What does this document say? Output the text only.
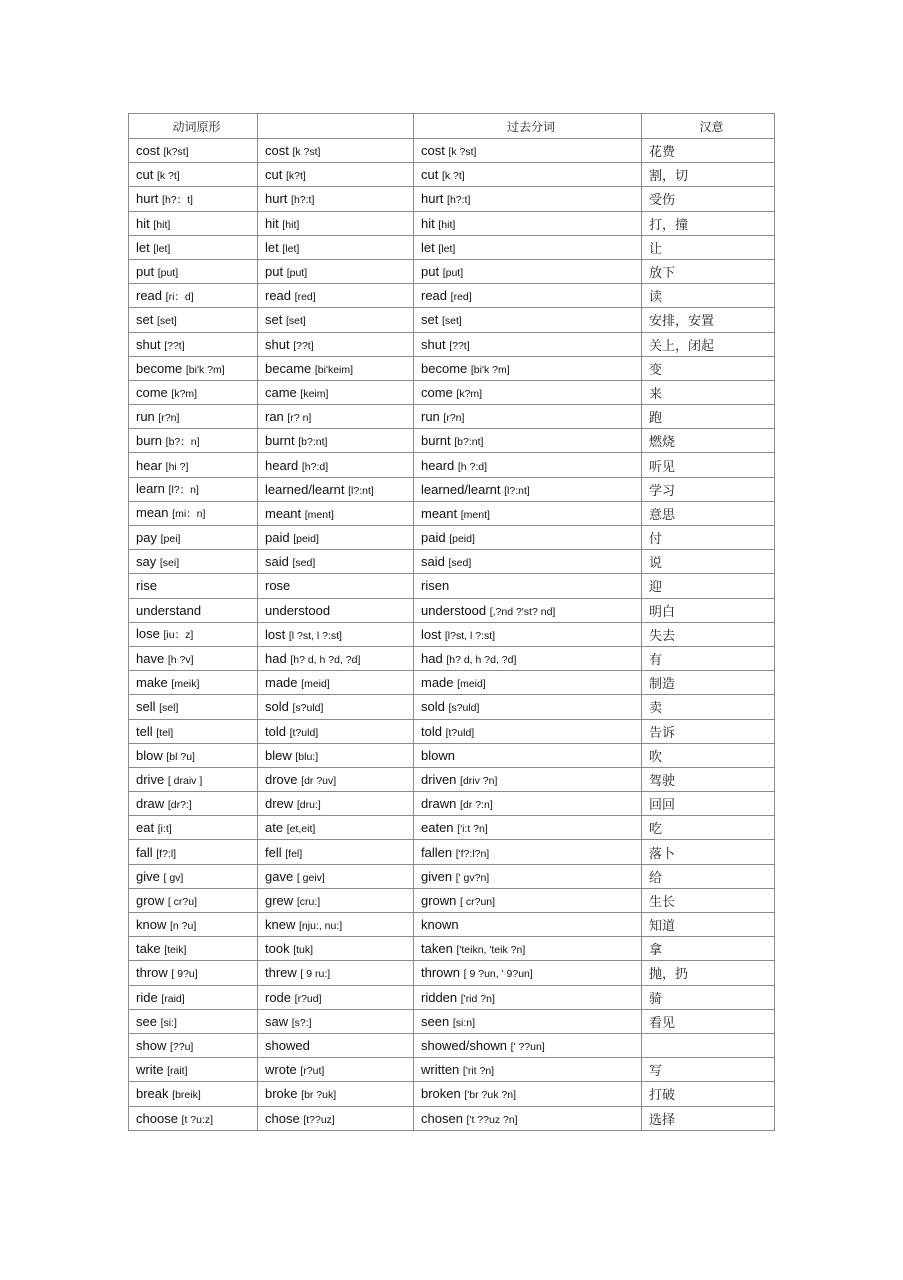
动词原形		过去分词	汉意
cost [k?st]	cost [k ?st]	cost [k ?st]	花费
cut [k ?t]	cut [k?t]	cut [k ?t]	割，切
hurt [h?：t]	hurt [h?:t]	hurt [h?:t]	受伤
hit [hit]	hit [hit]	hit [hit]	打，撞
let [let]	let [let]	let [let]	让
put [put]	put [put]	put [put]	放下
read [ri：d]	read [red]	read [red]	读
set [set]	set [set]	set [set]	安排，安置
shut [??t]	shut [??t]	shut [??t]	关上，闭起
become [bi'k ?m]	became [bi'keim]	become [bi'k ?m]	变
come [k?m]	came [keim]	come [k?m]	来
run [r?n]	ran [r? n]	run [r?n]	跑
burn [b?：n]	burnt [b?:nt]	burnt [b?:nt]	燃烧
hear [hi ?]	heard [h?:d]	heard [h ?:d]	听见
learn [l?：n]	learned/learnt [l?:nt]	learned/learnt [l?:nt]	学习
mean [mi：n]	meant [ment]	meant [ment]	意思
pay [pei]	paid [peid]	paid [peid]	付
say [sei]	said [sed]	said [sed]	说
rise	rose	risen	迎
understand	understood	understood [,?nd ?'st? nd]	明白
lose [iu：z]	lost [l ?st, l ?:st]	lost [l?st, l ?:st]	失去
have [h ?v]	had [h? d, h ?d, ?d]	had [h? d, h ?d, ?d]	有
make [meik]	made [meid]	made [meid]	制造
sell [sel]	sold [s?uld]	sold [s?uld]	卖
tell [tel]	told [t?uld]	told [t?uld]	告诉
blow [bl ?u]	blew [blu:]	blown	吹
drive [ draiv ]	drove [dr ?uv]	driven [driv ?n]	驾驶
draw [dr?:]	drew [dru:]	drawn [dr ?:n]	回回
eat [i:t]	ate [et,eit]	eaten ['i:t ?n]	吃
fall [f?:l]	fell [fel]	fallen ['f?:l?n]	落卜
give [ gv]	gave [ geiv]	given [' gv?n]	给
grow [ cr?u]	grew [cru:]	grown [ cr?un]	生长
know [n ?u]	knew [nju:, nu:]	known	知道
take [teik]	took [tuk]	taken ['teikn, 'teik ?n]	拿
throw [ 9?u]	threw [ 9 ru:]	thrown [ 9 ?un, ' 9?un]	抛，扔
ride [raid]	rode [r?ud]	ridden ['rid ?n]	骑
see [si:]	saw [s?:]	seen [si:n]	看见
show [??u]	showed	showed/shown [' ??un]	
write [rait]	wrote [r?ut]	written ['rit ?n]	写
break [breik]	broke [br ?uk]	broken ['br ?uk ?n]	打破
choose [t ?u:z]	chose [t??uz]	chosen ['t ??uz ?n]	选择
